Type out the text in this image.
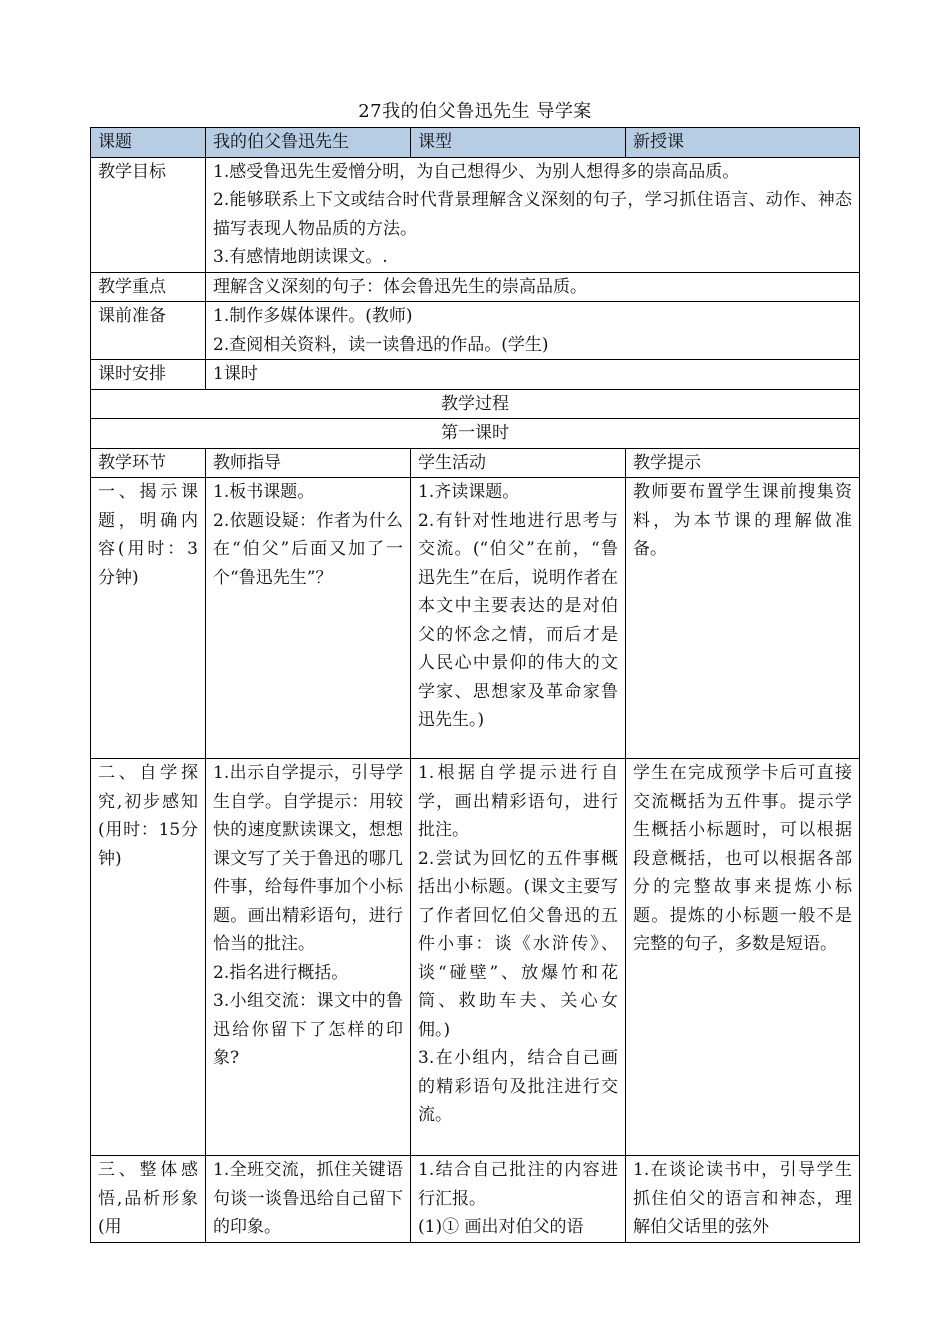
27我的伯父鲁迅先生 导学案
课题	我的伯父鲁迅先生	课型	新授课
教学目标	1.感受鲁迅先生爱憎分明，为自己想得少、为别人想得多的崇高品质。
2.能够联系上下文或结合时代背景理解含义深刻的句子，学习抓住语言、动作、神态描写表现人物品质的方法。
3.有感情地朗读课文。.		

教学重点	理解含义深刻的句子：体会鲁迅先生的崇高品质。		
课前准备	1.制作多媒体课件。(教师)
2.查阅相关资料，读一读鲁迅的作品。(学生)		

课时安排	1课时		
教学过程			
第一课时			
教学环节	教师指导	学生活动	教学提示
一、揭示课题，明确内容(用时：3分钟)	1.板书课题。
2.依题设疑：作者为什么在“伯父”后面又加了一个“鲁迅先生”？	1.齐读课题。
2.有针对性地进行思考与交流。(“伯父”在前，“鲁迅先生”在后，说明作者在本文中主要表达的是对伯父的怀念之情，而后才是人民心中景仰的伟大的文学家、思想家及革命家鲁迅先生。)	教师要布置学生课前搜集资料，为本节课的理解做准备。

二、自学探究,初步感知(用时：15分钟)	1.出示自学提示，引导学生自学。自学提示：用较快的速度默读课文，想想课文写了关于鲁迅的哪几件事，给每件事加个小标题。画出精彩语句，进行恰当的批注。
2.指名进行概括。
3.小组交流：课文中的鲁迅给你留下了怎样的印象?	1.根据自学提示进行自学，画出精彩语句，进行批注。
2.尝试为回忆的五件事概括出小标题。(课文主要写了作者回忆伯父鲁迅的五件小事：谈《水浒传》、谈“碰壁”、放爆竹和花筒、救助车夫、关心女佣。)
3.在小组内，结合自己画的精彩语句及批注进行交流。	学生在完成预学卡后可直接交流概括为五件事。提示学生概括小标题时，可以根据段意概括，也可以根据各部分的完整故事来提炼小标题。提炼的小标题一般不是完整的句子，多数是短语。

三、整体感悟,品析形象(用	1.全班交流，抓住关键语句谈一谈鲁迅给自己留下的印象。	1.结合自己批注的内容进行汇报。
(1)① 画出对伯父的语	1.在谈论读书中，引导学生抓住伯父的语言和神态，理解伯父话里的弦外
